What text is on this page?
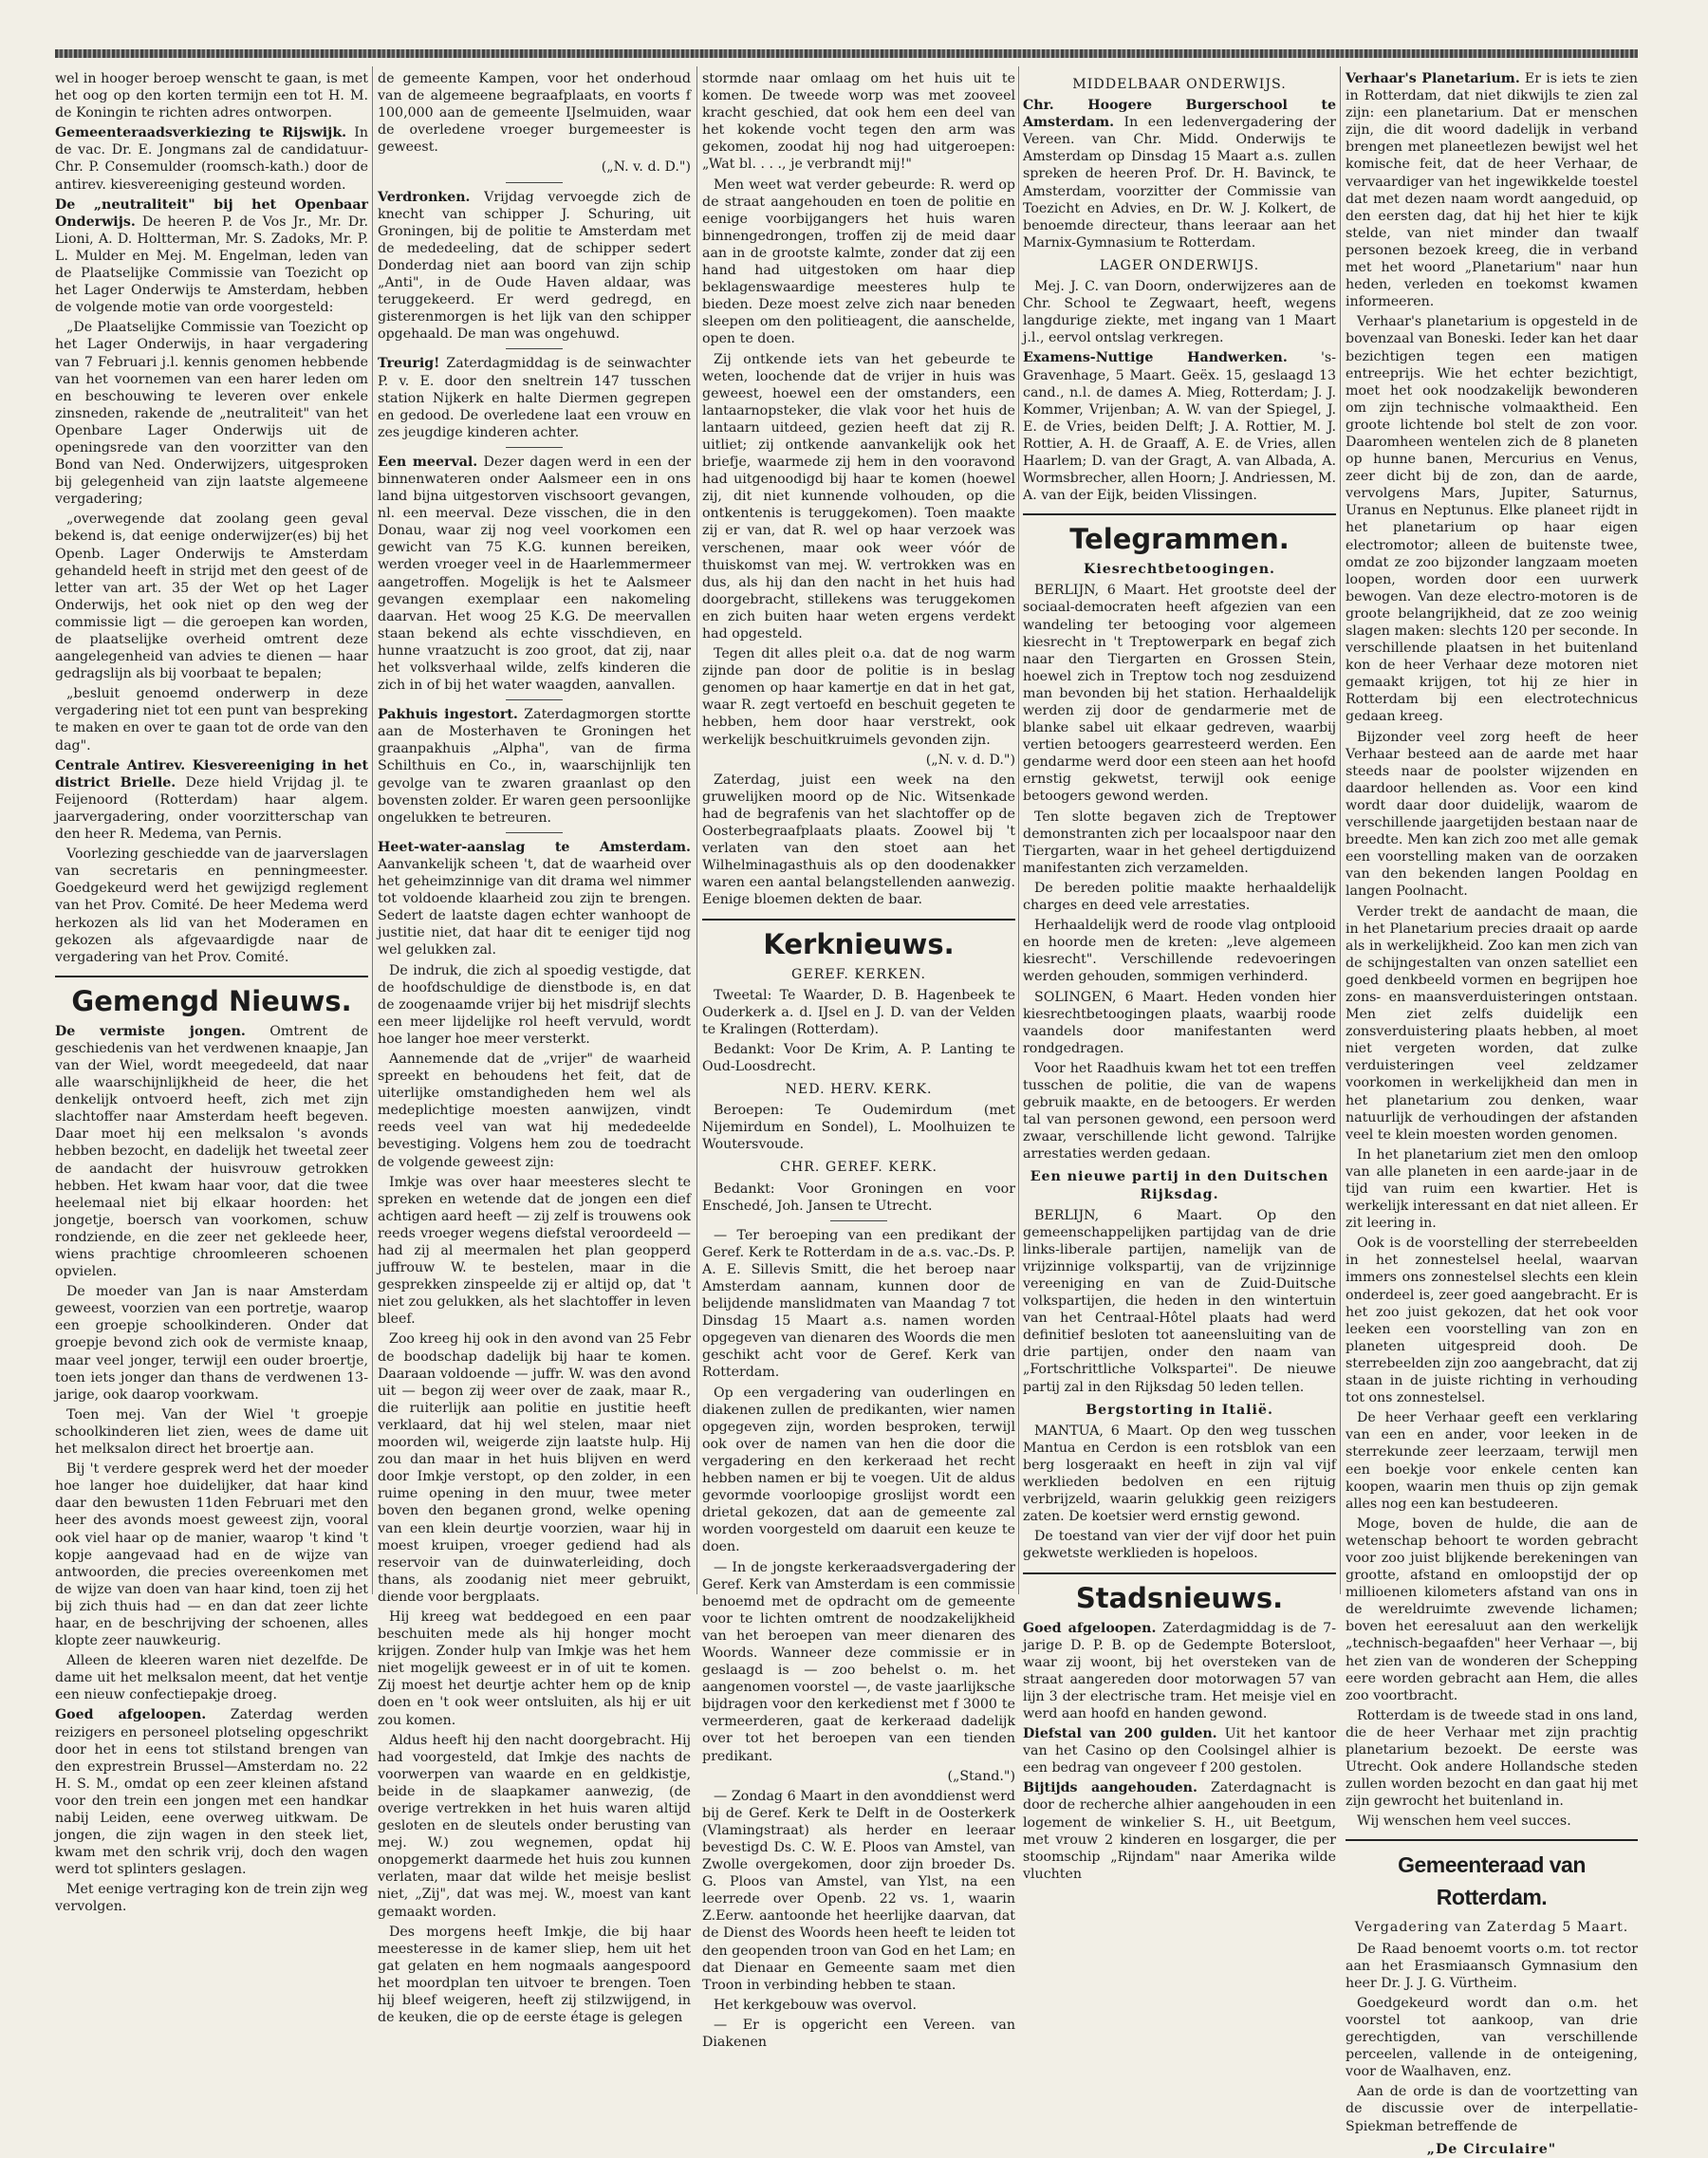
wel in hooger beroep wenscht te gaan, is met het oog op den korten termijn een tot H. M. de Koningin te richten adres ontworpen.

Gemeenteraadsverkiezing te Rijswijk. In de vac. Dr. E. Jongmans zal de candidatuur-Chr. P. Consemulder (roomsch-kath.) door de antirev. kiesvereeniging gesteund worden.

De „neutraliteit" bij het Openbaar Onderwijs. De heeren P. de Vos Jr., Mr. Dr. Lioni, A. D. Holtterman, Mr. S. Zadoks, Mr. P. L. Mulder en Mej. M. Engelman, leden van de Plaatselijke Commissie van Toezicht op het Lager Onderwijs te Amsterdam, hebben de volgende motie van orde voorgesteld:

„De Plaatselijke Commissie van Toezicht op het Lager Onderwijs, in haar vergadering van 7 Februari j.l. kennis genomen hebbende van het voornemen van een harer leden om en beschouwing te leveren over enkele zinsneden, rakende de „neutraliteit" van het Openbare Lager Onderwijs uit de openingsrede van den voorzitter van den Bond van Ned. Onderwijzers, uitgesproken bij gelegenheid van zijn laatste algemeene vergadering;

„overwegende dat zoolang geen geval bekend is, dat eenige onderwijzer(es) bij het Openb. Lager Onderwijs te Amsterdam gehandeld heeft in strijd met den geest of de letter van art. 35 der Wet op het Lager Onderwijs, het ook niet op den weg der commissie ligt — die geroepen kan worden, de plaatselijke overheid omtrent deze aangelegenheid van advies te dienen — haar gedragslijn als bij voorbaat te bepalen;

„besluit genoemd onderwerp in deze vergadering niet tot een punt van bespreking te maken en over te gaan tot de orde van den dag".

Centrale Antirev. Kiesvereeniging in het district Brielle. Deze hield Vrijdag jl. te Feijenoord (Rotterdam) haar algem. jaarvergadering, onder voorzitterschap van den heer R. Medema, van Pernis.

Voorlezing geschiedde van de jaarverslagen van secretaris en penningmeester. Goedgekeurd werd het gewijzigd reglement van het Prov. Comité. De heer Medema werd herkozen als lid van het Moderamen en gekozen als afgevaardigde naar de vergadering van het Prov. Comité.

Gemengd Nieuws.

De vermiste jongen. Omtrent de geschiedenis van het verdwenen knaapje, Jan van der Wiel, wordt meegedeeld, dat naar alle waarschijnlijkheid de heer, die het denkelijk ontvoerd heeft, zich met zijn slachtoffer naar Amsterdam heeft begeven. Daar moet hij een melksalon 's avonds hebben bezocht, en dadelijk het tweetal zeer de aandacht der huisvrouw getrokken hebben. Het kwam haar voor, dat die twee heelemaal niet bij elkaar hoorden: het jongetje, boersch van voorkomen, schuw rondziende, en die zeer net gekleede heer, wiens prachtige chroomleeren schoenen opvielen.

De moeder van Jan is naar Amsterdam geweest, voorzien van een portretje, waarop een groepje schoolkinderen. Onder dat groepje bevond zich ook de vermiste knaap, maar veel jonger, terwijl een ouder broertje, toen iets jonger dan thans de verdwenen 13-jarige, ook daarop voorkwam.

Toen mej. Van der Wiel 't groepje schoolkinderen liet zien, wees de dame uit het melksalon direct het broertje aan.

Bij 't verdere gesprek werd het der moeder hoe langer hoe duidelijker, dat haar kind daar den bewusten 11den Februari met den heer des avonds moest geweest zijn, vooral ook viel haar op de manier, waarop 't kind 't kopje aangevaad had en de wijze van antwoorden, die precies overeenkomen met de wijze van doen van haar kind, toen zij het bij zich thuis had — en dan dat zeer lichte haar, en de beschrijving der schoenen, alles klopte zeer nauwkeurig.

Alleen de kleeren waren niet dezelfde. De dame uit het melksalon meent, dat het ventje een nieuw confectiepakje droeg.

Goed afgeloopen. Zaterdag werden reizigers en personeel plotseling opgeschrikt door het in eens tot stilstand brengen van den exprestrein Brussel—Amsterdam no. 22 H. S. M., omdat op een zeer kleinen afstand voor den trein een jongen met een handkar nabij Leiden, eene overweg uitkwam. De jongen, die zijn wagen in den steek liet, kwam met den schrik vrij, doch den wagen werd tot splinters geslagen.

Met eenige vertraging kon de trein zijn weg vervolgen.

de gemeente Kampen, voor het onderhoud van de algemeene begraafplaats, en voorts f 100,000 aan de gemeente IJselmuiden, waar de overledene vroeger burgemeester is geweest.

(„N. v. d. D.")

Verdronken. Vrijdag vervoegde zich de knecht van schipper J. Schuring, uit Groningen, bij de politie te Amsterdam met de mededeeling, dat de schipper sedert Donderdag niet aan boord van zijn schip „Anti", in de Oude Haven aldaar, was teruggekeerd. Er werd gedregd, en gisterenmorgen is het lijk van den schipper opgehaald. De man was ongehuwd.

Treurig! Zaterdagmiddag is de seinwachter P. v. E. door den sneltrein 147 tusschen station Nijkerk en halte Diermen gegrepen en gedood. De overledene laat een vrouw en zes jeugdige kinderen achter.

Een meerval. Dezer dagen werd in een der binnenwateren onder Aalsmeer een in ons land bijna uitgestorven vischsoort gevangen, nl. een meerval. Deze visschen, die in den Donau, waar zij nog veel voorkomen een gewicht van 75 K.G. kunnen bereiken, werden vroeger veel in de Haarlemmermeer aangetroffen. Mogelijk is het te Aalsmeer gevangen exemplaar een nakomeling daarvan. Het woog 25 K.G. De meervallen staan bekend als echte visschdieven, en hunne vraatzucht is zoo groot, dat zij, naar het volksverhaal wilde, zelfs kinderen die zich in of bij het water waagden, aanvallen.

Pakhuis ingestort. Zaterdagmorgen stortte aan de Mosterhaven te Groningen het graanpakhuis „Alpha", van de firma Schilthuis en Co., in, waarschijnlijk ten gevolge van te zwaren graanlast op den bovensten zolder. Er waren geen persoonlijke ongelukken te betreuren.

Heet-water-aanslag te Amsterdam. Aanvankelijk scheen 't, dat de waarheid over het geheimzinnige van dit drama wel nimmer tot voldoende klaarheid zou zijn te brengen. Sedert de laatste dagen echter wanhoopt de justitie niet, dat haar dit te eeniger tijd nog wel gelukken zal.

De indruk, die zich al spoedig vestigde, dat de hoofdschuldige de dienstbode is, en dat de zoogenaamde vrijer bij het misdrijf slechts een meer lijdelijke rol heeft vervuld, wordt hoe langer hoe meer versterkt.

Aannemende dat de „vrijer" de waarheid spreekt en behoudens het feit, dat de uiterlijke omstandigheden hem wel als medeplichtige moesten aanwijzen, vindt reeds veel van wat hij mededeelde bevestiging. Volgens hem zou de toedracht de volgende geweest zijn:

Imkje was over haar meesteres slecht te spreken en wetende dat de jongen een dief achtigen aard heeft — zij zelf is trouwens ook reeds vroeger wegens diefstal veroordeeld — had zij al meermalen het plan geopperd juffrouw W. te bestelen, maar in die gesprekken zinspeelde zij er altijd op, dat 't niet zou gelukken, als het slachtoffer in leven bleef.

Zoo kreeg hij ook in den avond van 25 Febr de boodschap dadelijk bij haar te komen. Daaraan voldoende — juffr. W. was den avond uit — begon zij weer over de zaak, maar R., die ruiterlijk aan politie en justitie heeft verklaard, dat hij wel stelen, maar niet moorden wil, weigerde zijn laatste hulp. Hij zou dan maar in het huis blijven en werd door Imkje verstopt, op den zolder, in een ruime opening in den muur, twee meter boven den beganen grond, welke opening van een klein deurtje voorzien, waar hij in moest kruipen, vroeger gediend had als reservoir van de duinwaterleiding, doch thans, als zoodanig niet meer gebruikt, diende voor bergplaats.

Hij kreeg wat beddegoed en een paar beschuiten mede als hij honger mocht krijgen. Zonder hulp van Imkje was het hem niet mogelijk geweest er in of uit te komen. Zij moest het deurtje achter hem op de knip doen en 't ook weer ontsluiten, als hij er uit zou komen.

Aldus heeft hij den nacht doorgebracht. Hij had voorgesteld, dat Imkje des nachts de voorwerpen van waarde en en geldkistje, beide in de slaapkamer aanwezig, (de overige vertrekken in het huis waren altijd gesloten en de sleutels onder berusting van mej. W.) zou wegnemen, opdat hij onopgemerkt daarmede het huis zou kunnen verlaten, maar dat wilde het meisje beslist niet, „Zij", dat was mej. W., moest van kant gemaakt worden.

Des morgens heeft Imkje, die bij haar meesteresse in de kamer sliep, hem uit het gat gelaten en hem nogmaals aangespoord het moordplan ten uitvoer te brengen. Toen hij bleef weigeren, heeft zij stilzwijgend, in de keuken, die op de eerste étage is gelegen

stormde naar omlaag om het huis uit te komen. De tweede worp was met zooveel kracht geschied, dat ook hem een deel van het kokende vocht tegen den arm was gekomen, zoodat hij nog had uitgeroepen: „Wat bl. . . ., je verbrandt mij!"

Men weet wat verder gebeurde: R. werd op de straat aangehouden en toen de politie en eenige voorbijgangers het huis waren binnengedrongen, troffen zij de meid daar aan in de grootste kalmte, zonder dat zij een hand had uitgestoken om haar diep beklagenswaardige meesteres hulp te bieden. Deze moest zelve zich naar beneden sleepen om den politieagent, die aanschelde, open te doen.

Zij ontkende iets van het gebeurde te weten, loochende dat de vrijer in huis was geweest, hoewel een der omstanders, een lantaarnopsteker, die vlak voor het huis de lantaarn uitdeed, gezien heeft dat zij R. uitliet; zij ontkende aanvankelijk ook het briefje, waarmede zij hem in den vooravond had uitgenoodigd bij haar te komen (hoewel zij, dit niet kunnende volhouden, op die ontkentenis is teruggekomen). Toen maakte zij er van, dat R. wel op haar verzoek was verschenen, maar ook weer vóór de thuiskomst van mej. W. vertrokken was en dus, als hij dan den nacht in het huis had doorgebracht, stillekens was teruggekomen en zich buiten haar weten ergens verdekt had opgesteld.

Tegen dit alles pleit o.a. dat de nog warm zijnde pan door de politie is in beslag genomen op haar kamertje en dat in het gat, waar R. zegt vertoefd en beschuit gegeten te hebben, hem door haar verstrekt, ook werkelijk beschuitkruimels gevonden zijn.

(„N. v. d. D.")

Zaterdag, juist een week na den gruwelijken moord op de Nic. Witsenkade had de begrafenis van het slachtoffer op de Oosterbegraafplaats plaats. Zoowel bij 't verlaten van den stoet aan het Wilhelminagasthuis als op den doodenakker waren een aantal belangstellenden aanwezig. Eenige bloemen dekten de baar.

Kerknieuws.

GEREF. KERKEN.

Tweetal: Te Waarder, D. B. Hagenbeek te Ouderkerk a. d. IJsel en J. D. van der Velden te Kralingen (Rotterdam).

Bedankt: Voor De Krim, A. P. Lanting te Oud-Loosdrecht.

NED. HERV. KERK.

Beroepen: Te Oudemirdum (met Nijemirdum en Sondel), L. Moolhuizen te Woutersvoude.

CHR. GEREF. KERK.

Bedankt: Voor Groningen en voor Enschedé, Joh. Jansen te Utrecht.

— Ter beroeping van een predikant der Geref. Kerk te Rotterdam in de a.s. vac.-Ds. P. A. E. Sillevis Smitt, die het beroep naar Amsterdam aannam, kunnen door de belijdende manslidmaten van Maandag 7 tot Dinsdag 15 Maart a.s. namen worden opgegeven van dienaren des Woords die men geschikt acht voor de Geref. Kerk van Rotterdam.

Op een vergadering van ouderlingen en diakenen zullen de predikanten, wier namen opgegeven zijn, worden besproken, terwijl ook over de namen van hen die door die vergadering en den kerkeraad het recht hebben namen er bij te voegen. Uit de aldus gevormde voorloopige groslijst wordt een drietal gekozen, dat aan de gemeente zal worden voorgesteld om daaruit een keuze te doen.

— In de jongste kerkeraadsvergadering der Geref. Kerk van Amsterdam is een commissie benoemd met de opdracht om de gemeente voor te lichten omtrent de noodzakelijkheid van het beroepen van meer dienaren des Woords. Wanneer deze commissie er in geslaagd is — zoo behelst o. m. het aangenomen voorstel —, de vaste jaarlijksche bijdragen voor den kerkedienst met f 3000 te vermeerderen, gaat de kerkeraad dadelijk over tot het beroepen van een tienden predikant.

(„Stand.")

— Zondag 6 Maart in den avonddienst werd bij de Geref. Kerk te Delft in de Oosterkerk (Vlamingstraat) als herder en leeraar bevestigd Ds. C. W. E. Ploos van Amstel, van Zwolle overgekomen, door zijn broeder Ds. G. Ploos van Amstel, van Ylst, na een leerrede over Openb. 22 vs. 1, waarin Z.Eerw. aantoonde het heerlijke daarvan, dat de Dienst des Woords heen heeft te leiden tot den geopenden troon van God en het Lam; en dat Dienaar en Gemeente saam met dien Troon in verbinding hebben te staan.

Het kerkgebouw was overvol.

— Er is opgericht een Vereen. van Diakenen

MIDDELBAAR ONDERWIJS.

Chr. Hoogere Burgerschool te Amsterdam. In een ledenvergadering der Vereen. van Chr. Midd. Onderwijs te Amsterdam op Dinsdag 15 Maart a.s. zullen spreken de heeren Prof. Dr. H. Bavinck, te Amsterdam, voorzitter der Commissie van Toezicht en Advies, en Dr. W. J. Kolkert, de benoemde directeur, thans leeraar aan het Marnix-Gymnasium te Rotterdam.

LAGER ONDERWIJS.

Mej. J. C. van Doorn, onderwijzeres aan de Chr. School te Zegwaart, heeft, wegens langdurige ziekte, met ingang van 1 Maart j.l., eervol ontslag verkregen.

Examens-Nuttige Handwerken. 's-Gravenhage, 5 Maart. Geëx. 15, geslaagd 13 cand., n.l. de dames A. Mieg, Rotterdam; J. J. Kommer, Vrijenban; A. W. van der Spiegel, J. E. de Vries, beiden Delft; J. A. Rottier, M. J. Rottier, A. H. de Graaff, A. E. de Vries, allen Haarlem; D. van der Gragt, A. van Albada, A. Wormsbrecher, allen Hoorn; J. Andriessen, M. A. van der Eijk, beiden Vlissingen.

Telegrammen.

Kiesrechtbetoogingen.

BERLIJN, 6 Maart. Het grootste deel der sociaal-democraten heeft afgezien van een wandeling ter betooging voor algemeen kiesrecht in 't Treptowerpark en begaf zich naar den Tiergarten en Grossen Stein, hoewel zich in Treptow toch nog zesduizend man bevonden bij het station. Herhaaldelijk werden zij door de gendarmerie met de blanke sabel uit elkaar gedreven, waarbij vertien betoogers gearresteerd werden. Een gendarme werd door een steen aan het hoofd ernstig gekwetst, terwijl ook eenige betoogers gewond werden.

Ten slotte begaven zich de Treptower demonstranten zich per locaalspoor naar den Tiergarten, waar in het geheel dertigduizend manifestanten zich verzamelden.

De bereden politie maakte herhaaldelijk charges en deed vele arrestaties.

Herhaaldelijk werd de roode vlag ontplooid en hoorde men de kreten: „leve algemeen kiesrecht". Verschillende redevoeringen werden gehouden, sommigen verhinderd.

SOLINGEN, 6 Maart. Heden vonden hier kiesrechtbetoogingen plaats, waarbij roode vaandels door manifestanten werd rondgedragen.

Voor het Raadhuis kwam het tot een treffen tusschen de politie, die van de wapens gebruik maakte, en de betoogers. Er werden tal van personen gewond, een persoon werd zwaar, verschillende licht gewond. Talrijke arrestaties werden gedaan.

Een nieuwe partij in den Duitschen Rijksdag.

BERLIJN, 6 Maart. Op den gemeenschappelijken partijdag van de drie links-liberale partijen, namelijk van de vrijzinnige volkspartij, van de vrijzinnige vereeniging en van de Zuid-Duitsche volkspartijen, die heden in den wintertuin van het Centraal-Hôtel plaats had werd definitief besloten tot aaneensluiting van de drie partijen, onder den naam van „Fortschrittliche Volkspartei". De nieuwe partij zal in den Rijksdag 50 leden tellen.

Bergstorting in Italië.

MANTUA, 6 Maart. Op den weg tusschen Mantua en Cerdon is een rotsblok van een berg losgeraakt en heeft in zijn val vijf werklieden bedolven en een rijtuig verbrijzeld, waarin gelukkig geen reizigers zaten. De koetsier werd ernstig gewond.

De toestand van vier der vijf door het puin gekwetste werklieden is hopeloos.

Stadsnieuws.

Goed afgeloopen. Zaterdagmiddag is de 7-jarige D. P. B. op de Gedempte Botersloot, waar zij woont, bij het oversteken van de straat aangereden door motorwagen 57 van lijn 3 der electrische tram. Het meisje viel en werd aan hoofd en handen gewond.

Diefstal van 200 gulden. Uit het kantoor van het Casino op den Coolsingel alhier is een bedrag van ongeveer f 200 gestolen.

Bijtijds aangehouden. Zaterdagnacht is door de recherche alhier aangehouden in een logement de winkelier S. H., uit Beetgum, met vrouw 2 kinderen en losgarger, die per stoomschip „Rijndam" naar Amerika wilde vluchten

Verhaar's Planetarium. Er is iets te zien in Rotterdam, dat niet dikwijls te zien zal zijn: een planetarium. Dat er menschen zijn, die dit woord dadelijk in verband brengen met planeetlezen bewijst wel het komische feit, dat de heer Verhaar, de vervaardiger van het ingewikkelde toestel dat met dezen naam wordt aangeduid, op den eersten dag, dat hij het hier te kijk stelde, van niet minder dan twaalf personen bezoek kreeg, die in verband met het woord „Planetarium" naar hun heden, verleden en toekomst kwamen informeeren.

Verhaar's planetarium is opgesteld in de bovenzaal van Boneski. Ieder kan het daar bezichtigen tegen een matigen entreeprijs. Wie het echter bezichtigt, moet het ook noodzakelijk bewonderen om zijn technische volmaaktheid. Een groote lichtende bol stelt de zon voor. Daaromheen wentelen zich de 8 planeten op hunne banen, Mercurius en Venus, zeer dicht bij de zon, dan de aarde, vervolgens Mars, Jupiter, Saturnus, Uranus en Neptunus. Elke planeet rijdt in het planetarium op haar eigen electromotor; alleen de buitenste twee, omdat ze zoo bijzonder langzaam moeten loopen, worden door een uurwerk bewogen. Van deze electro-motoren is de groote belangrijkheid, dat ze zoo weinig slagen maken: slechts 120 per seconde. In verschillende plaatsen in het buitenland kon de heer Verhaar deze motoren niet gemaakt krijgen, tot hij ze hier in Rotterdam bij een electrotechnicus gedaan kreeg.

Bijzonder veel zorg heeft de heer Verhaar besteed aan de aarde met haar steeds naar de poolster wijzenden en daardoor hellenden as. Voor een kind wordt daar door duidelijk, waarom de verschillende jaargetijden bestaan naar de breedte. Men kan zich zoo met alle gemak een voorstelling maken van de oorzaken van den bekenden langen Pooldag en langen Poolnacht.

Verder trekt de aandacht de maan, die in het Planetarium precies draait op aarde als in werkelijkheid. Zoo kan men zich van de schijngestalten van onzen satelliet een goed denkbeeld vormen en begrijpen hoe zons- en maansverduisteringen ontstaan. Men ziet zelfs duidelijk een zonsverduistering plaats hebben, al moet niet vergeten worden, dat zulke verduisteringen veel zeldzamer voorkomen in werkelijkheid dan men in het planetarium zou denken, waar natuurlijk de verhoudingen der afstanden veel te klein moesten worden genomen.

In het planetarium ziet men den omloop van alle planeten in een aarde-jaar in de tijd van ruim een kwartier. Het is werkelijk interessant en dat niet alleen. Er zit leering in.

Ook is de voorstelling der sterrebeelden in het zonnestelsel heelal, waarvan immers ons zonnestelsel slechts een klein onderdeel is, zeer goed aangebracht. Er is het zoo juist gekozen, dat het ook voor leeken een voorstelling van zon en planeten uitgespreid dooh. De sterrebeelden zijn zoo aangebracht, dat zij staan in de juiste richting in verhouding tot ons zonnestelsel.

De heer Verhaar geeft een verklaring van een en ander, voor leeken in de sterrekunde zeer leerzaam, terwijl men een boekje voor enkele centen kan koopen, waarin men thuis op zijn gemak alles nog een kan bestudeeren.

Moge, boven de hulde, die aan de wetenschap behoort te worden gebracht voor zoo juist blijkende berekeningen van grootte, afstand en omloopstijd der op millioenen kilometers afstand van ons in de wereldruimte zwevende lichamen; boven het eeresaluut aan den werkelijk „technisch-begaafden" heer Verhaar —, bij het zien van de wonderen der Schepping eere worden gebracht aan Hem, die alles zoo voortbracht.

Rotterdam is de tweede stad in ons land, die de heer Verhaar met zijn prachtig planetarium bezoekt. De eerste was Utrecht. Ook andere Hollandsche steden zullen worden bezocht en dan gaat hij met zijn gewrocht het buitenland in.

Wij wenschen hem veel succes.

Gemeenteraad van Rotterdam.

Vergadering van Zaterdag 5 Maart.

De Raad benoemt voorts o.m. tot rector aan het Erasmiaansch Gymnasium den heer Dr. J. J. G. Vürtheim.

Goedgekeurd wordt dan o.m. het voorstel tot aankoop, van drie gerechtigden, van verschillende perceelen, vallende in de onteigening, voor de Waalhaven, enz.

Aan de orde is dan de voortzetting van de discussie over de interpellatie-Spiekman betreffende de

„De Circulaire"
